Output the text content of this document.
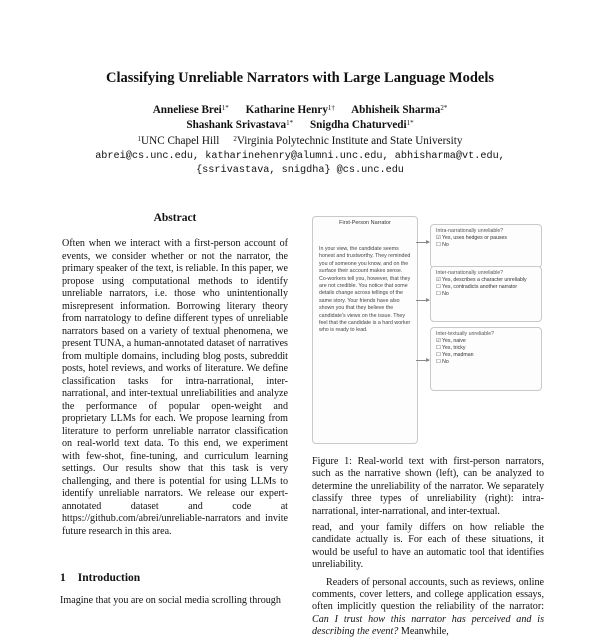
Classifying Unreliable Narrators with Large Language Models
Anneliese Brei$^{1*}$ Katharine Henry$^{1\dagger}$ Abhisheik Sharma$^{2*}$
Shashank Srivastava$^{1*}$ Snigdha Chaturvedi$^{1*}$
$^1$UNC Chapel Hill $^2$Virginia Polytechnic Institute and State University
abrei@cs.unc.edu, katharinehenry@alumni.unc.edu, abhisharma@vt.edu,
{ssrivastava, snigdha} @cs.unc.edu
Abstract
Often when we interact with a first-person account of events, we consider whether or not the narrator, the primary speaker of the text, is reliable. In this paper, we propose using computational methods to identify unreliable narrators, i.e. those who unintentionally misrepresent information. Borrowing literary theory from narratology to define different types of unreliable narrators based on a variety of textual phenomena, we present TUNA, a human-annotated dataset of narratives from multiple domains, including blog posts, subreddit posts, hotel reviews, and works of literature. We define classification tasks for intra-narrational, inter-narrational, and inter-textual unreliabilities and analyze the performance of popular open-weight and proprietary LLMs for each. We propose learning from literature to perform unreliable narrator classification on real-world text data. To this end, we experiment with few-shot, fine-tuning, and curriculum learning settings. Our results show that this task is very challenging, and there is potential for using LLMs to identify unreliable narrators. We release our expert-annotated dataset and code at https://github.com/abrei/unreliable-narrators and invite future research in this area.
1 Introduction
Imagine that you are on social media scrolling through
First-Person Narrator
In your view, the candidate seems honest and trustworthy. They reminded you of someone you know, and on the surface their account makes sense. Co-workers tell you, however, that they are not credible. You notice that some details change across tellings of the same story. Your friends have also shown you that they believe the candidate's views on the issue. They feel that the candidate is a hard worker who is ready to lead.
Intra-narrationally unreliable?
☑ Yes, uses hedges or pauses
☐ No
Inter-narrationally unreliable?
☑ Yes, describes a character unreliably
☐ Yes, contradicts another narrator
☐ No
Inter-textually unreliable?
☑ Yes, naive
☐ Yes, tricky
☐ Yes, madman
☐ No
Figure 1: Real-world text with first-person narrators, such as the narrative shown (left), can be analyzed to determine the unreliability of the narrator. We separately classify three types of unreliability (right): intra-narrational, inter-narrational, and inter-textual.

read, and your family differs on how reliable the candidate actually is. For each of these situations, it would be useful to have an automatic tool that identifies unreliability.

Readers of personal accounts, such as reviews, online comments, cover letters, and college application essays, often implicitly question the reliability of the narrator: Can I trust how this narrator has perceived and is describing the event? Meanwhile,
